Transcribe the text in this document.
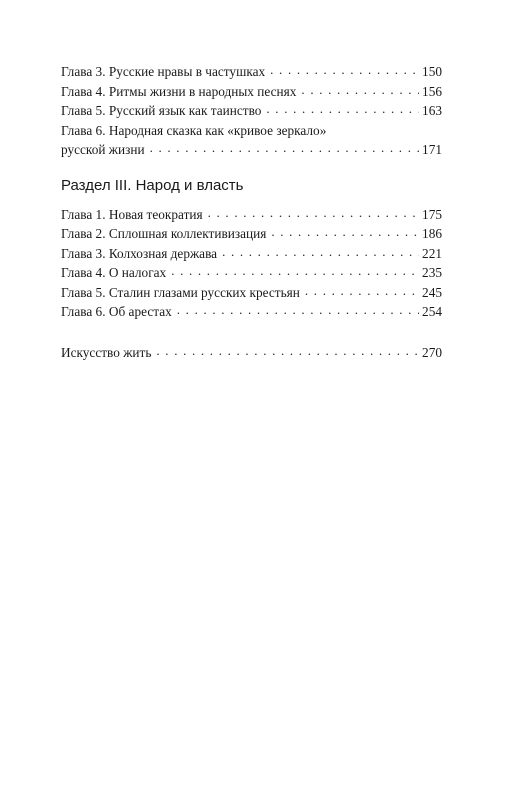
Глава 3. Русские нравы в частушках . . .	150
Глава 4. Ритмы жизни в народных песнях . . .	156
Глава 5. Русский язык как таинство . . .	163
Глава 6. Народная сказка как «кривое зеркало»
русской жизни . . .	171
Раздел III. Народ и власть
Глава 1. Новая теократия . . .	175
Глава 2. Сплошная коллективизация . . .	186
Глава 3. Колхозная держава . . .	221
Глава 4. О налогах . . .	235
Глава 5. Сталин глазами русских крестьян . . .	245
Глава 6. Об арестах . . .	254
Искусство жить . . .	270
